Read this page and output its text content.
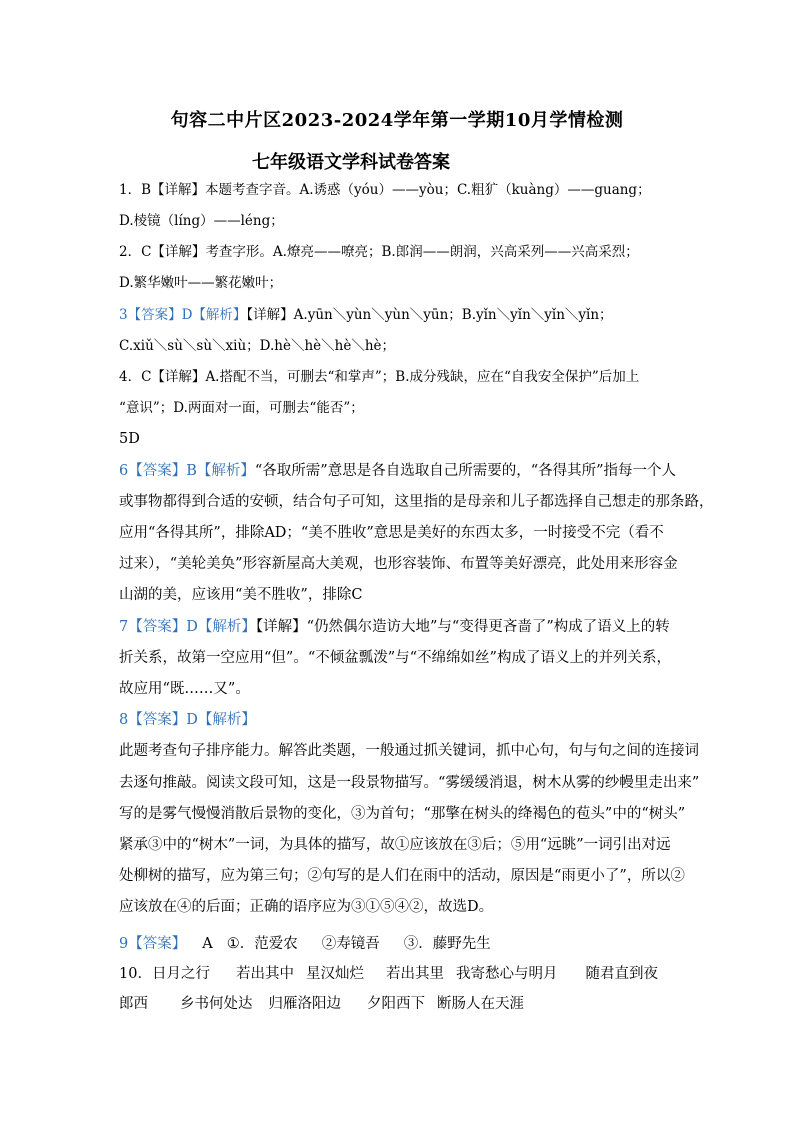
句容二中片区2023-2024学年第一学期10月学情检测
七年级语文学科试卷答案
1．B【详解】本题考查字音。A.诱惑（yóu）——yòu；C.粗犷（kuàng）——guang；
D.棱镜（líng）——léng；
2．C【详解】考查字形。A.燎亮——嘹亮；B.郎润——朗润，兴高采列——兴高采烈；
D.繁华嫩叶——繁花嫩叶；
3【答案】D【解析】【详解】A.yūn＼yùn＼yùn＼yūn；B.yǐn＼yǐn＼yǐn＼yǐn；
C.xiǔ＼sù＼sù＼xiù；D.hè＼hè＼hè＼hè；
4．C【详解】A.搭配不当，可删去“和掌声”；B.成分残缺，应在“自我安全保护”后加上
“意识”；D.两面对一面，可删去“能否”；
5D
6【答案】B【解析】“各取所需”意思是各自选取自己所需要的，“各得其所”指每一个人
或事物都得到合适的安顿，结合句子可知，这里指的是母亲和儿子都选择自己想走的那条路，
应用“各得其所”，排除AD；“美不胜收”意思是美好的东西太多，一时接受不完（看不
过来），“美轮美奂”形容新屋高大美观，也形容装饰、布置等美好漂亮，此处用来形容金
山湖的美，应该用“美不胜收”，排除C
7【答案】D【解析】【详解】“仍然偶尔造访大地”与“变得更吝啬了”构成了语义上的转
折关系，故第一空应用“但”。“不倾盆瓢泼”与“不绵绵如丝”构成了语义上的并列关系，
故应用“既……又”。
8【答案】D【解析】
此题考查句子排序能力。解答此类题，一般通过抓关键词，抓中心句，句与句之间的连接词
去逐句推敲。阅读文段可知，这是一段景物描写。“雾缓缓消退，树木从雾的纱幔里走出来”
写的是雾气慢慢消散后景物的变化，③为首句；“那擎在树头的绛褐色的苞头”中的“树头”
紧承③中的“树木”一词，为具体的描写，故①应该放在③后；⑤用“远眺”一词引出对远
处柳树的描写，应为第三句；②句写的是人们在雨中的活动，原因是“雨更小了”，所以②
应该放在④的后面；正确的语序应为③①⑤④②，故选D。
9【答案】 A ①．范爱农 ②寿镜吾 ③．藤野先生
10．日月之行 若出其中 星汉灿烂 若出其里 我寄愁心与明月 随君直到夜
郎西 乡书何处达 归雁洛阳边 夕阳西下 断肠人在天涯
